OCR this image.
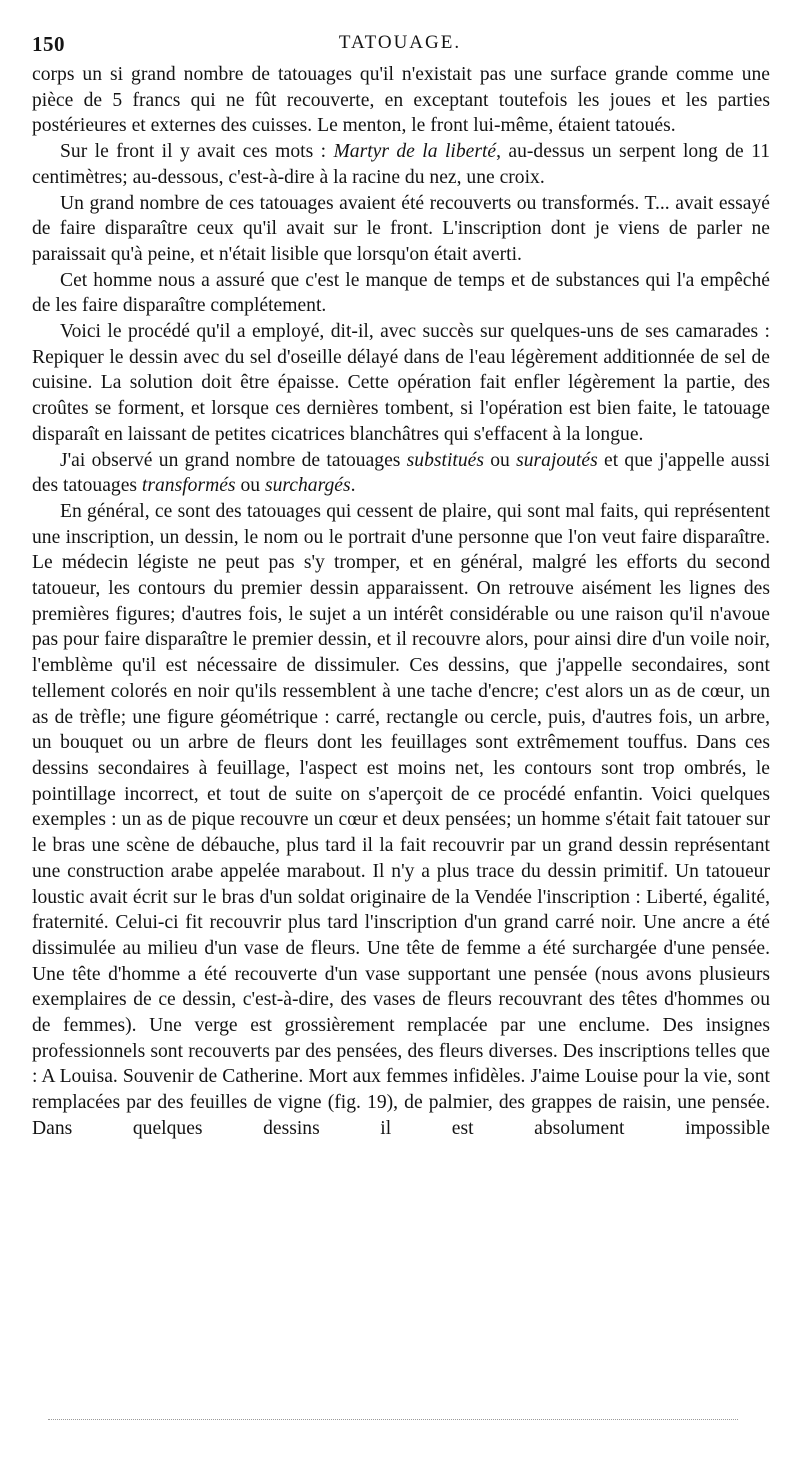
150	TATOUAGE.

corps un si grand nombre de tatouages qu'il n'existait pas une surface grande comme une pièce de 5 francs qui ne fût recouverte, en exceptant toutefois les joues et les parties postérieures et externes des cuisses. Le menton, le front lui-même, étaient tatoués.

Sur le front il y avait ces mots : Martyr de la liberté, au-dessus un serpent long de 11 centimètres; au-dessous, c'est-à-dire à la racine du nez, une croix.

Un grand nombre de ces tatouages avaient été recouverts ou transformés. T... avait essayé de faire disparaître ceux qu'il avait sur le front. L'inscription dont je viens de parler ne paraissait qu'à peine, et n'était lisible que lorsqu'on était averti.

Cet homme nous a assuré que c'est le manque de temps et de substances qui l'a empêché de les faire disparaître complétement.

Voici le procédé qu'il a employé, dit-il, avec succès sur quelques-uns de ses camarades : Repiquer le dessin avec du sel d'oseille délayé dans de l'eau légèrement additionnée de sel de cuisine. La solution doit être épaisse. Cette opération fait enfler légèrement la partie, des croûtes se forment, et lorsque ces dernières tombent, si l'opération est bien faite, le tatouage disparaît en laissant de petites cicatrices blanchâtres qui s'effacent à la longue.

J'ai observé un grand nombre de tatouages substitués ou surajoutés et que j'appelle aussi des tatouages transformés ou surchargés.

En général, ce sont des tatouages qui cessent de plaire, qui sont mal faits, qui représentent une inscription, un dessin, le nom ou le portrait d'une personne que l'on veut faire disparaître. Le médecin légiste ne peut pas s'y tromper, et en général, malgré les efforts du second tatoueur, les contours du premier dessin apparaissent. On retrouve aisément les lignes des premières figures; d'autres fois, le sujet a un intérêt considérable ou une raison qu'il n'avoue pas pour faire disparaître le premier dessin, et il recouvre alors, pour ainsi dire d'un voile noir, l'emblème qu'il est nécessaire de dissimuler. Ces dessins, que j'appelle secondaires, sont tellement colorés en noir qu'ils ressemblent à une tache d'encre; c'est alors un as de cœur, un as de trèfle; une figure géométrique : carré, rectangle ou cercle, puis, d'autres fois, un arbre, un bouquet ou un arbre de fleurs dont les feuillages sont extrêmement touffus. Dans ces dessins secondaires à feuillage, l'aspect est moins net, les contours sont trop ombrés, le pointillage incorrect, et tout de suite on s'aperçoit de ce procédé enfantin. Voici quelques exemples : un as de pique recouvre un cœur et deux pensées; un homme s'était fait tatouer sur le bras une scène de débauche, plus tard il la fait recouvrir par un grand dessin représentant une construction arabe appelée marabout. Il n'y a plus trace du dessin primitif. Un tatoueur loustic avait écrit sur le bras d'un soldat originaire de la Vendée l'inscription : Liberté, égalité, fraternité. Celui-ci fit recouvrir plus tard l'inscription d'un grand carré noir. Une ancre a été dissimulée au milieu d'un vase de fleurs. Une tête de femme a été surchargée d'une pensée. Une tête d'homme a été recouverte d'un vase supportant une pensée (nous avons plusieurs exemplaires de ce dessin, c'est-à-dire, des vases de fleurs recouvrant des têtes d'hommes ou de femmes). Une verge est grossièrement remplacée par une enclume. Des insignes professionnels sont recouverts par des pensées, des fleurs diverses. Des inscriptions telles que : A Louisa. Souvenir de Catherine. Mort aux femmes infidèles. J'aime Louise pour la vie, sont remplacées par des feuilles de vigne (fig. 19), de palmier, des grappes de raisin, une pensée. Dans quelques dessins il est absolument impossible
